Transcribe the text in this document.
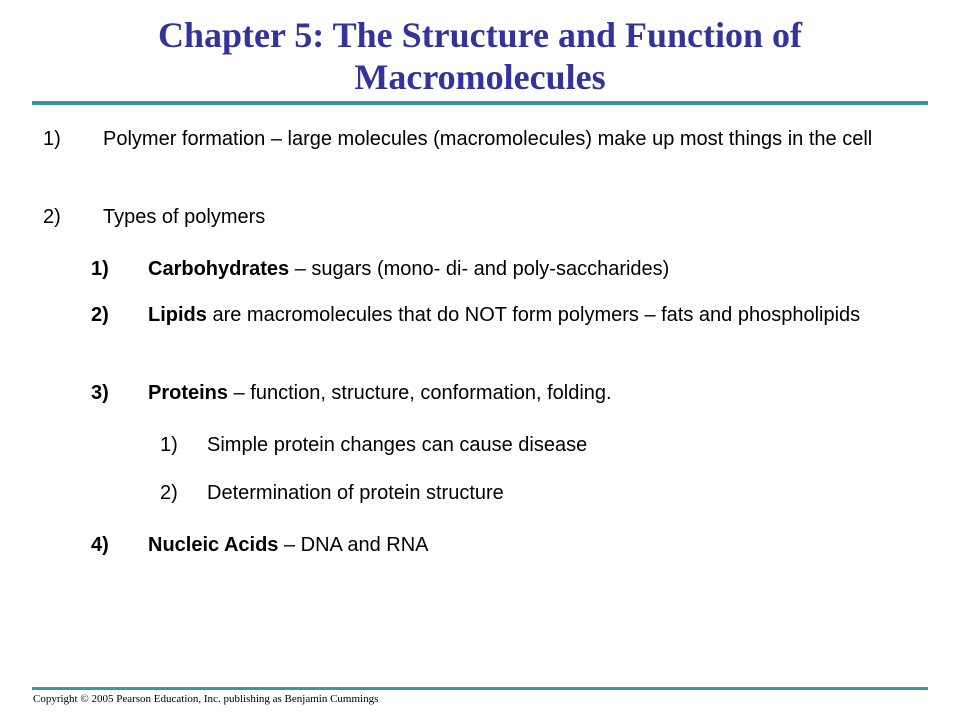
Chapter 5: The Structure and Function of Macromolecules
1) Polymer formation – large molecules (macromolecules) make up most things in the cell
2) Types of polymers
1) Carbohydrates – sugars (mono- di- and poly-saccharides)
2) Lipids are macromolecules that do NOT form polymers – fats and phospholipids
3) Proteins – function, structure, conformation, folding.
1) Simple protein changes can cause disease
2) Determination of protein structure
4) Nucleic Acids – DNA and RNA
Copyright © 2005 Pearson Education, Inc. publishing as Benjamin Cummings
